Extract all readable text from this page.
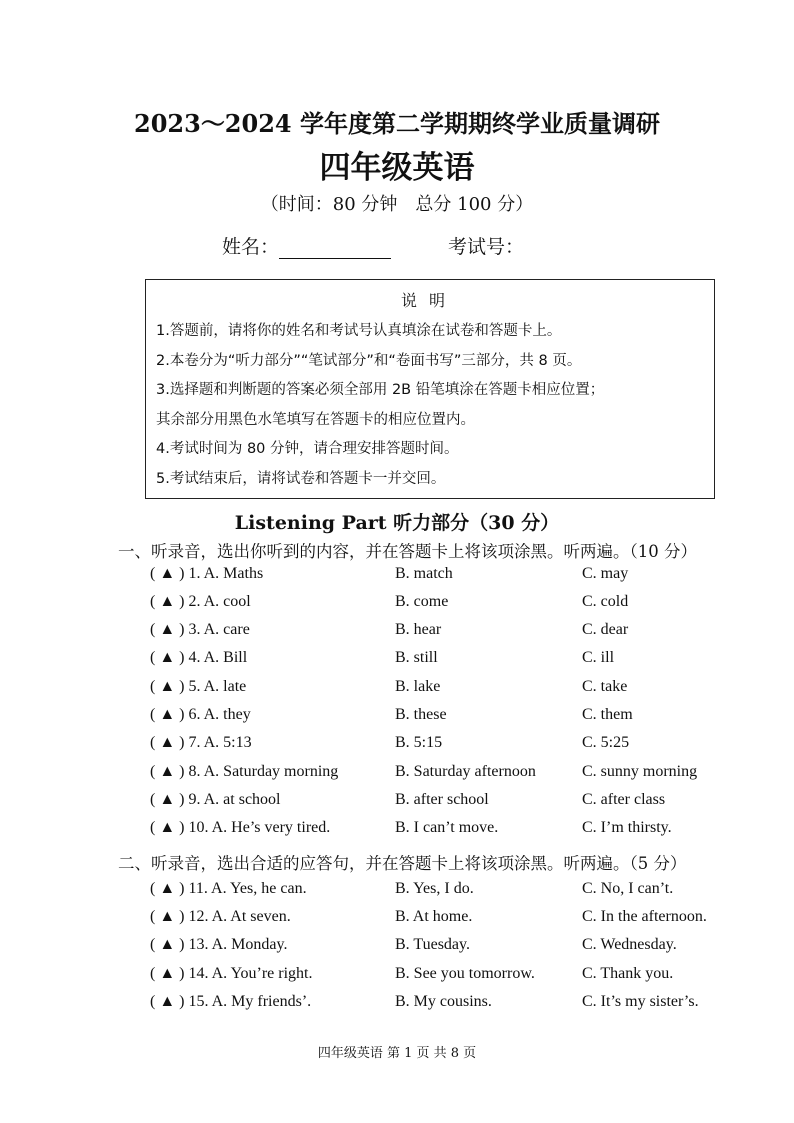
2023～2024 学年度第二学期期终学业质量调研
四年级英语
（时间：80 分钟　总分 100 分）
姓名：	考试号：
说明
1.答题前，请将你的姓名和考试号认真填涂在试卷和答题卡上。
2.本卷分为“听力部分”“笔试部分”和“卷面书写”三部分，共 8 页。
3.选择题和判断题的答案必须全部用 2B 铅笔填涂在答题卡相应位置；
其余部分用黑色水笔填写在答题卡的相应位置内。
4.考试时间为 80 分钟，请合理安排答题时间。
5.考试结束后，请将试卷和答题卡一并交回。
Listening Part 听力部分（30 分）
一、听录音，选出你听到的内容，并在答题卡上将该项涂黑。听两遍。（10 分）
( ▲ ) 1. A. Maths	B. match	C. may
( ▲ ) 2. A. cool	B. come	C. cold
( ▲ ) 3. A. care	B. hear	C. dear
( ▲ ) 4. A. Bill	B. still	C. ill
( ▲ ) 5. A. late	B. lake	C. take
( ▲ ) 6. A. they	B. these	C. them
( ▲ ) 7. A. 5:13	B. 5:15	C. 5:25
( ▲ ) 8. A. Saturday morning	B. Saturday afternoon	C. sunny morning
( ▲ ) 9. A. at school	B. after school	C. after class
( ▲ ) 10. A. He’s very tired.	B. I can’t move.	C. I’m thirsty.
二、听录音，选出合适的应答句，并在答题卡上将该项涂黑。听两遍。（5 分）
( ▲ ) 11. A. Yes, he can.	B. Yes, I do.	C. No, I can’t.
( ▲ ) 12. A. At seven.	B. At home.	C. In the afternoon.
( ▲ ) 13. A. Monday.	B. Tuesday.	C. Wednesday.
( ▲ ) 14. A. You’re right.	B. See you tomorrow.	C. Thank you.
( ▲ ) 15. A. My friends’.	B. My cousins.	C. It’s my sister’s.
四年级英语 第 1 页 共 8 页
